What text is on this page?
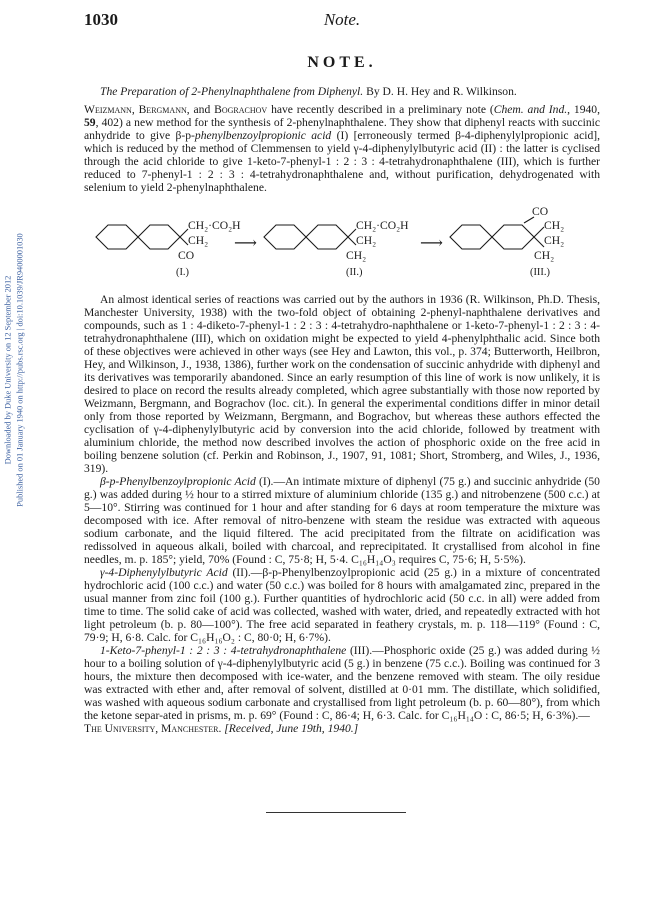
1030	Note.
NOTE.
Downloaded by Duke University on 12 September 2012 Published on 01 January 1940 on http://pubs.rsc.org | doi:10.1039/JR9400001030
The Preparation of 2-Phenylnaphthalene from Diphenyl. By D. H. Hey and R. Wilkinson.

Weizmann, Bergmann, and Bograchov have recently described in a preliminary note (Chem. and Ind., 1940, 59, 402) a new method for the synthesis of 2-phenylnaphthalene. They show that diphenyl reacts with succinic anhydride to give β-p-phenylbenzoylpropionic acid (I) [erroneously termed β-4-diphenylylpropionic acid], which is reduced by the method of Clemmensen to yield γ-4-diphenylylbutyric acid (II) : the latter is cyclised through the acid chloride to give 1-keto-7-phenyl-1 : 2 : 3 : 4-tetrahydronaphthalene (III), which is further reduced to 7-phenyl-1 : 2 : 3 : 4-tetrahydronaphthalene and, without purification, dehydrogenated with selenium to yield 2-phenylnaphthalene.

CH₂·CO₂H
CH₂
CO
(I.)
⟶
CH₂·CO₂H
CH₂
CH₂
(II.)
⟶
CO
CH₂
CH₂
CH₂
(III.)

An almost identical series of reactions was carried out by the authors in 1936 (R. Wilkinson, Ph.D. Thesis, Manchester University, 1938) with the two-fold object of obtaining 2-phenyl-naphthalene derivatives and compounds, such as 1 : 4-diketo-7-phenyl-1 : 2 : 3 : 4-tetrahydro-naphthalene or 1-keto-7-phenyl-1 : 2 : 3 : 4-tetrahydronaphthalene (III), which on oxidation might be expected to yield 4-phenylphthalic acid. Since both of these objectives were achieved in other ways (see Hey and Lawton, this vol., p. 374; Butterworth, Heilbron, Hey, and Wilkinson, J., 1938, 1386), further work on the condensation of succinic anhydride with diphenyl and its derivatives was temporarily abandoned. Since an early resumption of this line of work is now unlikely, it is desired to place on record the results already completed, which agree substantially with those now reported by Weizmann, Bergmann, and Bograchov (loc. cit.). In general the experimental conditions differ in minor detail only from those reported by Weizmann, Bergmann, and Bograchov, but whereas these authors effected the cyclisation of γ-4-diphenylylbutyric acid by conversion into the acid chloride, followed by treatment with aluminium chloride, the method now described involves the action of phosphoric oxide on the free acid in boiling benzene solution (cf. Perkin and Robinson, J., 1907, 91, 1081; Short, Stromberg, and Wiles, J., 1936, 319).

β-p-Phenylbenzoylpropionic Acid (I).—An intimate mixture of diphenyl (75 g.) and succinic anhydride (50 g.) was added during ½ hour to a stirred mixture of aluminium chloride (135 g.) and nitrobenzene (500 c.c.) at 5—10°. Stirring was continued for 1 hour and after standing for 6 days at room temperature the mixture was decomposed with ice. After removal of nitro-benzene with steam the residue was extracted with aqueous sodium carbonate, and the liquid filtered. The acid precipitated from the filtrate on acidification was redissolved in aqueous alkali, boiled with charcoal, and reprecipitated. It crystallised from alcohol in fine needles, m. p. 185°; yield, 70% (Found : C, 75·8; H, 5·4. C₁₆H₁₄O₃ requires C, 75·6; H, 5·5%).

γ-4-Diphenylylbutyric Acid (II).—β-p-Phenylbenzoylpropionic acid (25 g.) in a mixture of concentrated hydrochloric acid (100 c.c.) and water (50 c.c.) was boiled for 8 hours with amalgamated zinc, prepared in the usual manner from zinc foil (100 g.). Further quantities of hydrochloric acid (50 c.c. in all) were added from time to time. The solid cake of acid was collected, washed with water, dried, and repeatedly extracted with hot light petroleum (b. p. 80—100°). The free acid separated in feathery crystals, m. p. 118—119° (Found : C, 79·9; H, 6·8. Calc. for C₁₆H₁₆O₂ : C, 80·0; H, 6·7%).

1-Keto-7-phenyl-1 : 2 : 3 : 4-tetrahydronaphthalene (III).—Phosphoric oxide (25 g.) was added during ½ hour to a boiling solution of γ-4-diphenylylbutyric acid (5 g.) in benzene (75 c.c.). Boiling was continued for 3 hours, the mixture then decomposed with ice-water, and the benzene removed with steam. The oily residue was extracted with ether and, after removal of solvent, distilled at 0·01 mm. The distillate, which solidified, was washed with aqueous sodium carbonate and crystallised from light petroleum (b. p. 60—80°), from which the ketone separ-ated in prisms, m. p. 69° (Found : C, 86·4; H, 6·3. Calc. for C₁₆H₁₄O : C, 86·5; H, 6·3%).—

The University, Manchester. [Received, June 19th, 1940.]
